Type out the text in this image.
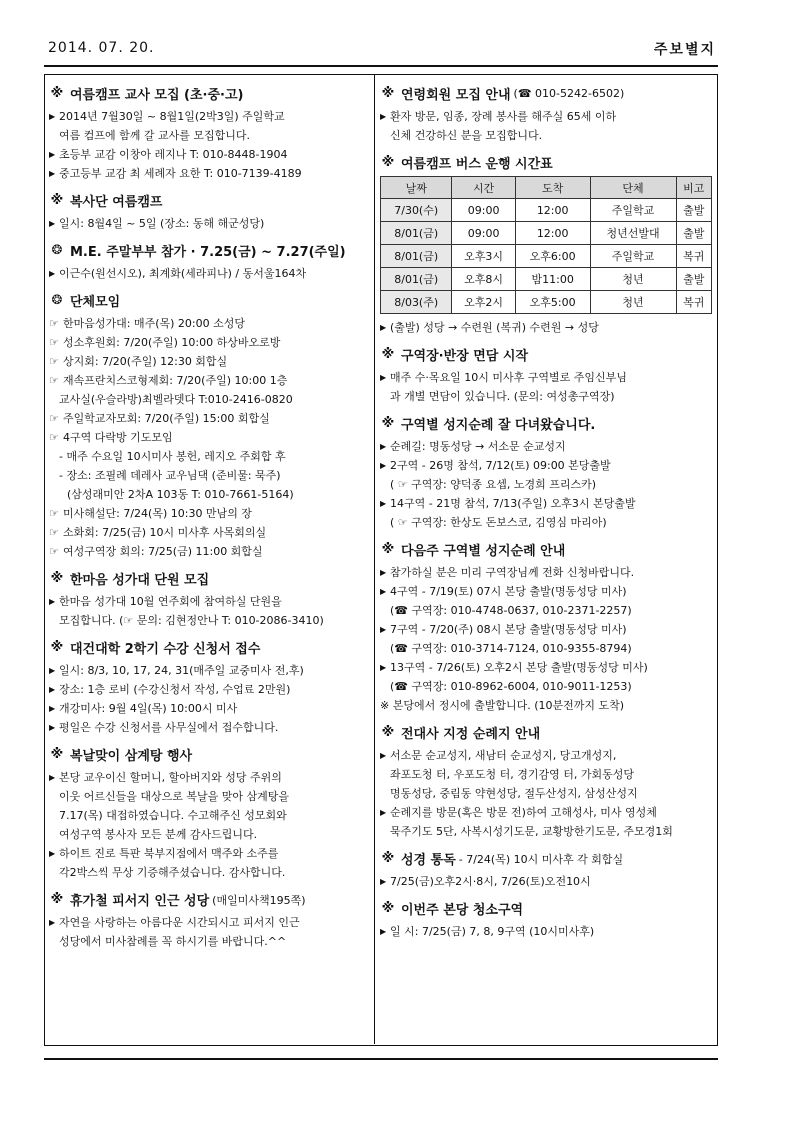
2014. 07. 20.	주보별지
※ 여름캠프 교사 모집 (초·중·고)
▶ 2014년 7월30일 ~ 8월1일(2박3일) 주일학교
여름 컴프에 함께 갈 교사를 모집합니다.
▶ 초등부 교감 이창아 레지나 T: 010-8448-1904
▶ 중고등부 교감 최 세례자 요한 T: 010-7139-4189
※ 복사단 여름캠프
▶ 일시: 8월4일 ~ 5일 (장소: 동해 해군성당)
❂ M.E. 주말부부 참가 · 7.25(금) ~ 7.27(주일)
▶ 이근수(원선시오), 최계화(세라피나) / 동서울164차
❂ 단체모임
☞ 한마음성가대: 매주(목) 20:00 소성당
☞ 성소후원회: 7/20(주일) 10:00 하상바오로방
☞ 상지회: 7/20(주일) 12:30 회합실
☞ 재속프란치스코형제회: 7/20(주일) 10:00 1층
교사실(우슬라방)최벨라뎃다 T:010-2416-0820
☞ 주일학교자모회: 7/20(주일) 15:00 회합실
☞ 4구역 다락방 기도모임
- 매주 수요일 10시미사 봉헌, 레지오 주회합 후
- 장소: 조필례 데레사 교우님댁 (준비물: 묵주)
(삼성래미안 2차A 103동 T: 010-7661-5164)
☞ 미사해설단: 7/24(목) 10:30 만남의 장
☞ 소화회: 7/25(금) 10시 미사후 사목회의실
☞ 여성구역장 회의: 7/25(금) 11:00 회합실
※ 한마음 성가대 단원 모집
▶ 한마음 성가대 10월 연주회에 참여하실 단원을
모집합니다. (☞ 문의: 김현정안나 T: 010-2086-3410)
※ 대건대학 2학기 수강 신청서 접수
▶ 일시: 8/3, 10, 17, 24, 31(매주일 교중미사 전,후)
▶ 장소: 1층 로비 (수강신청서 작성, 수업료 2만원)
▶ 개강미사: 9월 4일(목) 10:00시 미사
▶ 평일은 수강 신청서를 사무실에서 접수합니다.
※ 복날맞이 삼계탕 행사
▶ 본당 교우이신 할머니, 할아버지와 성당 주위의
이웃 어르신들을 대상으로 복날을 맞아 삼계탕을
7.17(목) 대접하였습니다. 수고해주신 성모회와
여성구역 봉사자 모든 분께 감사드립니다.
▶ 하이트 진로 특판 북부지점에서 맥주와 소주를
각2박스씩 무상 기증해주셨습니다. 감사합니다.
※ 휴가철 피서지 인근 성당 (매일미사책195쪽)
▶ 자연을 사랑하는 아름다운 시간되시고 피서지 인근
성당에서 미사참례를 꼭 하시기를 바랍니다.^^
※ 연령회원 모집 안내 (☎ 010-5242-6502)
▶ 환자 방문, 임종, 장례 봉사를 해주실 65세 이하
신체 건강하신 분을 모집합니다.
※ 여름캠프 버스 운행 시간표
날짜	시간	도착	단체	비고
7/30(수)	09:00	12:00	주일학교	출발
8/01(금)	09:00	12:00	청년선발대	출발
8/01(금)	오후3시	오후6:00	주일학교	복귀
8/01(금)	오후8시	밤11:00	청년	출발
8/03(주)	오후2시	오후5:00	청년	복귀
▶ (출발) 성당 → 수련원 (복귀) 수련원 → 성당
※ 구역장·반장 면담 시작
▶ 매주 수·목요일 10시 미사후 구역별로 주임신부님
과 개별 면담이 있습니다. (문의: 여성총구역장)
※ 구역별 성지순례 잘 다녀왔습니다.
▶ 순례길: 명동성당 → 서소문 순교성지
▶ 2구역 - 26명 참석, 7/12(토) 09:00 본당출발
( ☞ 구역장: 양덕종 요셉, 노경희 프리스카)
▶ 14구역 - 21명 참석, 7/13(주일) 오후3시 본당출발
( ☞ 구역장: 한상도 돈보스코, 김영심 마리아)
※ 다음주 구역별 성지순례 안내
▶ 참가하실 분은 미리 구역장님께 전화 신청바랍니다.
▶ 4구역 - 7/19(토) 07시 본당 출발(명동성당 미사)
(☎ 구역장: 010-4748-0637, 010-2371-2257)
▶ 7구역 - 7/20(주) 08시 본당 출발(명동성당 미사)
(☎ 구역장: 010-3714-7124, 010-9355-8794)
▶ 13구역 - 7/26(토) 오후2시 본당 출발(명동성당 미사)
(☎ 구역장: 010-8962-6004, 010-9011-1253)
※ 본당에서 정시에 출발합니다. (10분전까지 도착)
※ 전대사 지정 순례지 안내
▶ 서소문 순교성지, 새남터 순교성지, 당고개성지,
좌포도청 터, 우포도청 터, 경기감영 터, 가회동성당
명동성당, 중림동 약현성당, 절두산성지, 삼성산성지
▶ 순례지를 방문(혹은 방문 전)하여 고해성사, 미사 영성체
묵주기도 5단, 사복시성기도문, 교황방한기도문, 주모경1회
※ 성경 통독 - 7/24(목) 10시 미사후 각 회합실
▶ 7/25(금)오후2시·8시, 7/26(토)오전10시
※ 이번주 본당 청소구역
▶ 일 시: 7/25(금) 7, 8, 9구역 (10시미사후)
